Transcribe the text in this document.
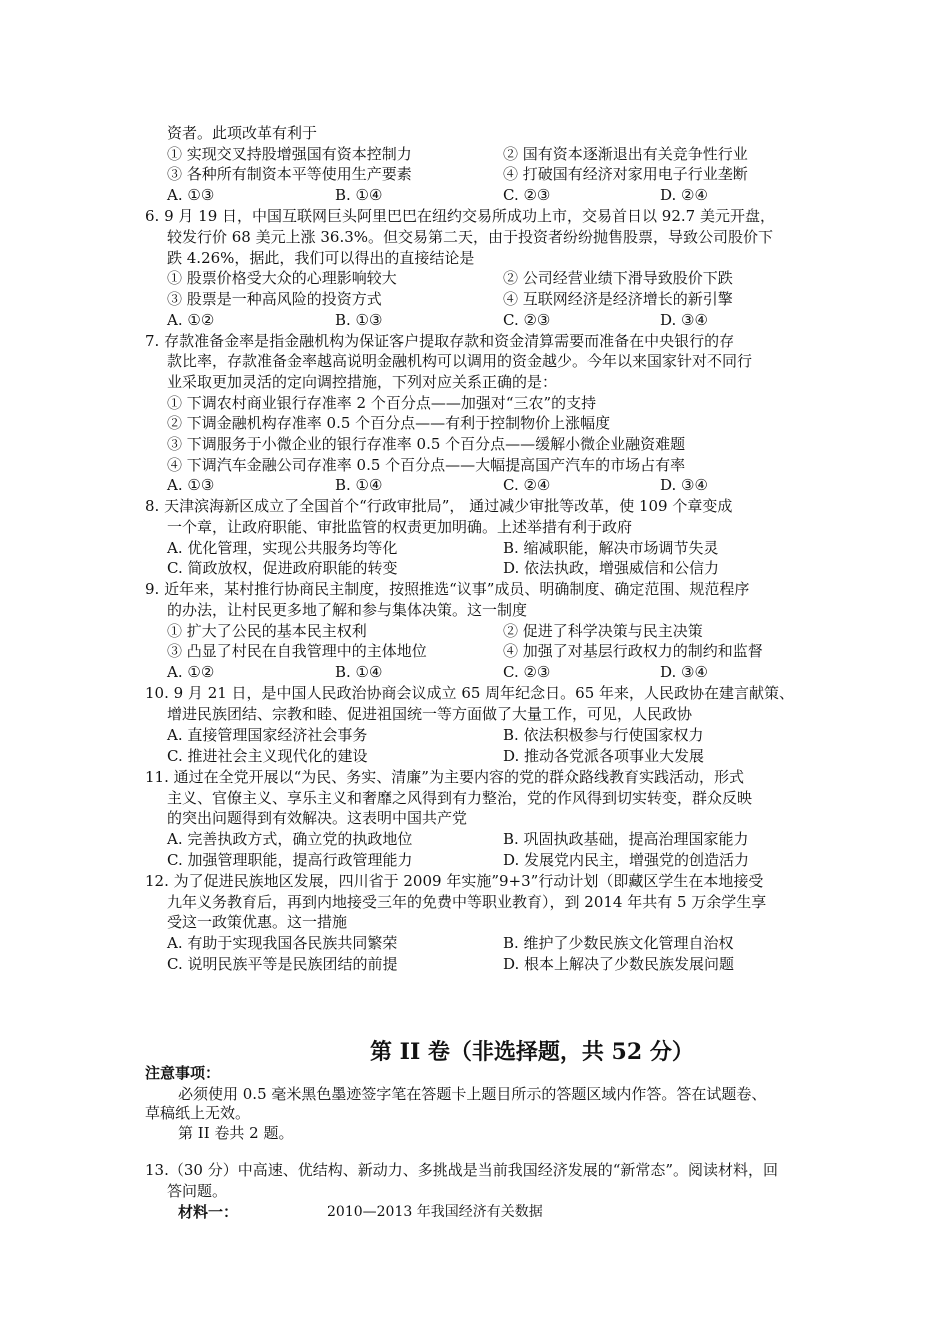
资者。此项改革有利于
① 实现交叉持股增强国有资本控制力	② 国有资本逐渐退出有关竞争性行业
③ 各种所有制资本平等使用生产要素	④ 打破国有经济对家用电子行业垄断
A. ①③	B. ①④	C. ②③	D. ②④
6. 9 月 19 日，中国互联网巨头阿里巴巴在纽约交易所成功上市，交易首日以 92.7 美元开盘，
较发行价 68 美元上涨 36.3%。但交易第二天，由于投资者纷纷抛售股票，导致公司股价下
跌 4.26%，据此，我们可以得出的直接结论是
① 股票价格受大众的心理影响较大	② 公司经营业绩下滑导致股价下跌
③ 股票是一种高风险的投资方式	④ 互联网经济是经济增长的新引擎
A. ①②	B. ①③	C. ②③	D. ③④
7. 存款准备金率是指金融机构为保证客户提取存款和资金清算需要而准备在中央银行的存
款比率，存款准备金率越高说明金融机构可以调用的资金越少。今年以来国家针对不同行
业采取更加灵活的定向调控措施，下列对应关系正确的是：
① 下调农村商业银行存准率 2 个百分点——加强对“三农”的支持
② 下调金融机构存准率 0.5 个百分点——有利于控制物价上涨幅度
③ 下调服务于小微企业的银行存准率 0.5 个百分点——缓解小微企业融资难题
④ 下调汽车金融公司存准率 0.5 个百分点——大幅提高国产汽车的市场占有率
A. ①③	B. ①④	C. ②④	D. ③④
8. 天津滨海新区成立了全国首个“行政审批局”， 通过减少审批等改革，使 109 个章变成
一个章，让政府职能、审批监管的权责更加明确。上述举措有利于政府
A. 优化管理，实现公共服务均等化	B. 缩减职能，解决市场调节失灵
C. 简政放权，促进政府职能的转变	D. 依法执政，增强威信和公信力
9. 近年来，某村推行协商民主制度，按照推选“议事”成员、明确制度、确定范围、规范程序
的办法，让村民更多地了解和参与集体决策。这一制度
① 扩大了公民的基本民主权利	② 促进了科学决策与民主决策
③ 凸显了村民在自我管理中的主体地位	④ 加强了对基层行政权力的制约和监督
A. ①②	B. ①④	C. ②③	D. ③④
10. 9 月 21 日，是中国人民政治协商会议成立 65 周年纪念日。65 年来，人民政协在建言献策、
增进民族团结、宗教和睦、促进祖国统一等方面做了大量工作，可见，人民政协
A. 直接管理国家经济社会事务	B. 依法积极参与行使国家权力
C. 推进社会主义现代化的建设	D. 推动各党派各项事业大发展
11. 通过在全党开展以“为民、务实、清廉”为主要内容的党的群众路线教育实践活动，形式
主义、官僚主义、享乐主义和奢靡之风得到有力整治，党的作风得到切实转变，群众反映
的突出问题得到有效解决。这表明中国共产党
A. 完善执政方式，确立党的执政地位	B. 巩固执政基础，提高治理国家能力
C. 加强管理职能，提高行政管理能力	D. 发展党内民主，增强党的创造活力
12. 为了促进民族地区发展，四川省于 2009 年实施”9+3”行动计划（即藏区学生在本地接受
九年义务教育后，再到内地接受三年的免费中等职业教育），到 2014 年共有 5 万余学生享
受这一政策优惠。这一措施
A. 有助于实现我国各民族共同繁荣	B. 维护了少数民族文化管理自治权
C. 说明民族平等是民族团结的前提	D. 根本上解决了少数民族发展问题
第 II 卷（非选择题，共 52 分）
注意事项：
必须使用 0.5 毫米黑色墨迹签字笔在答题卡上题目所示的答题区域内作答。答在试题卷、
草稿纸上无效。
第 II 卷共 2 题。
13.（30 分）中高速、优结构、新动力、多挑战是当前我国经济发展的“新常态”。阅读材料，回
答问题。
材料一：	2010—2013 年我国经济有关数据
